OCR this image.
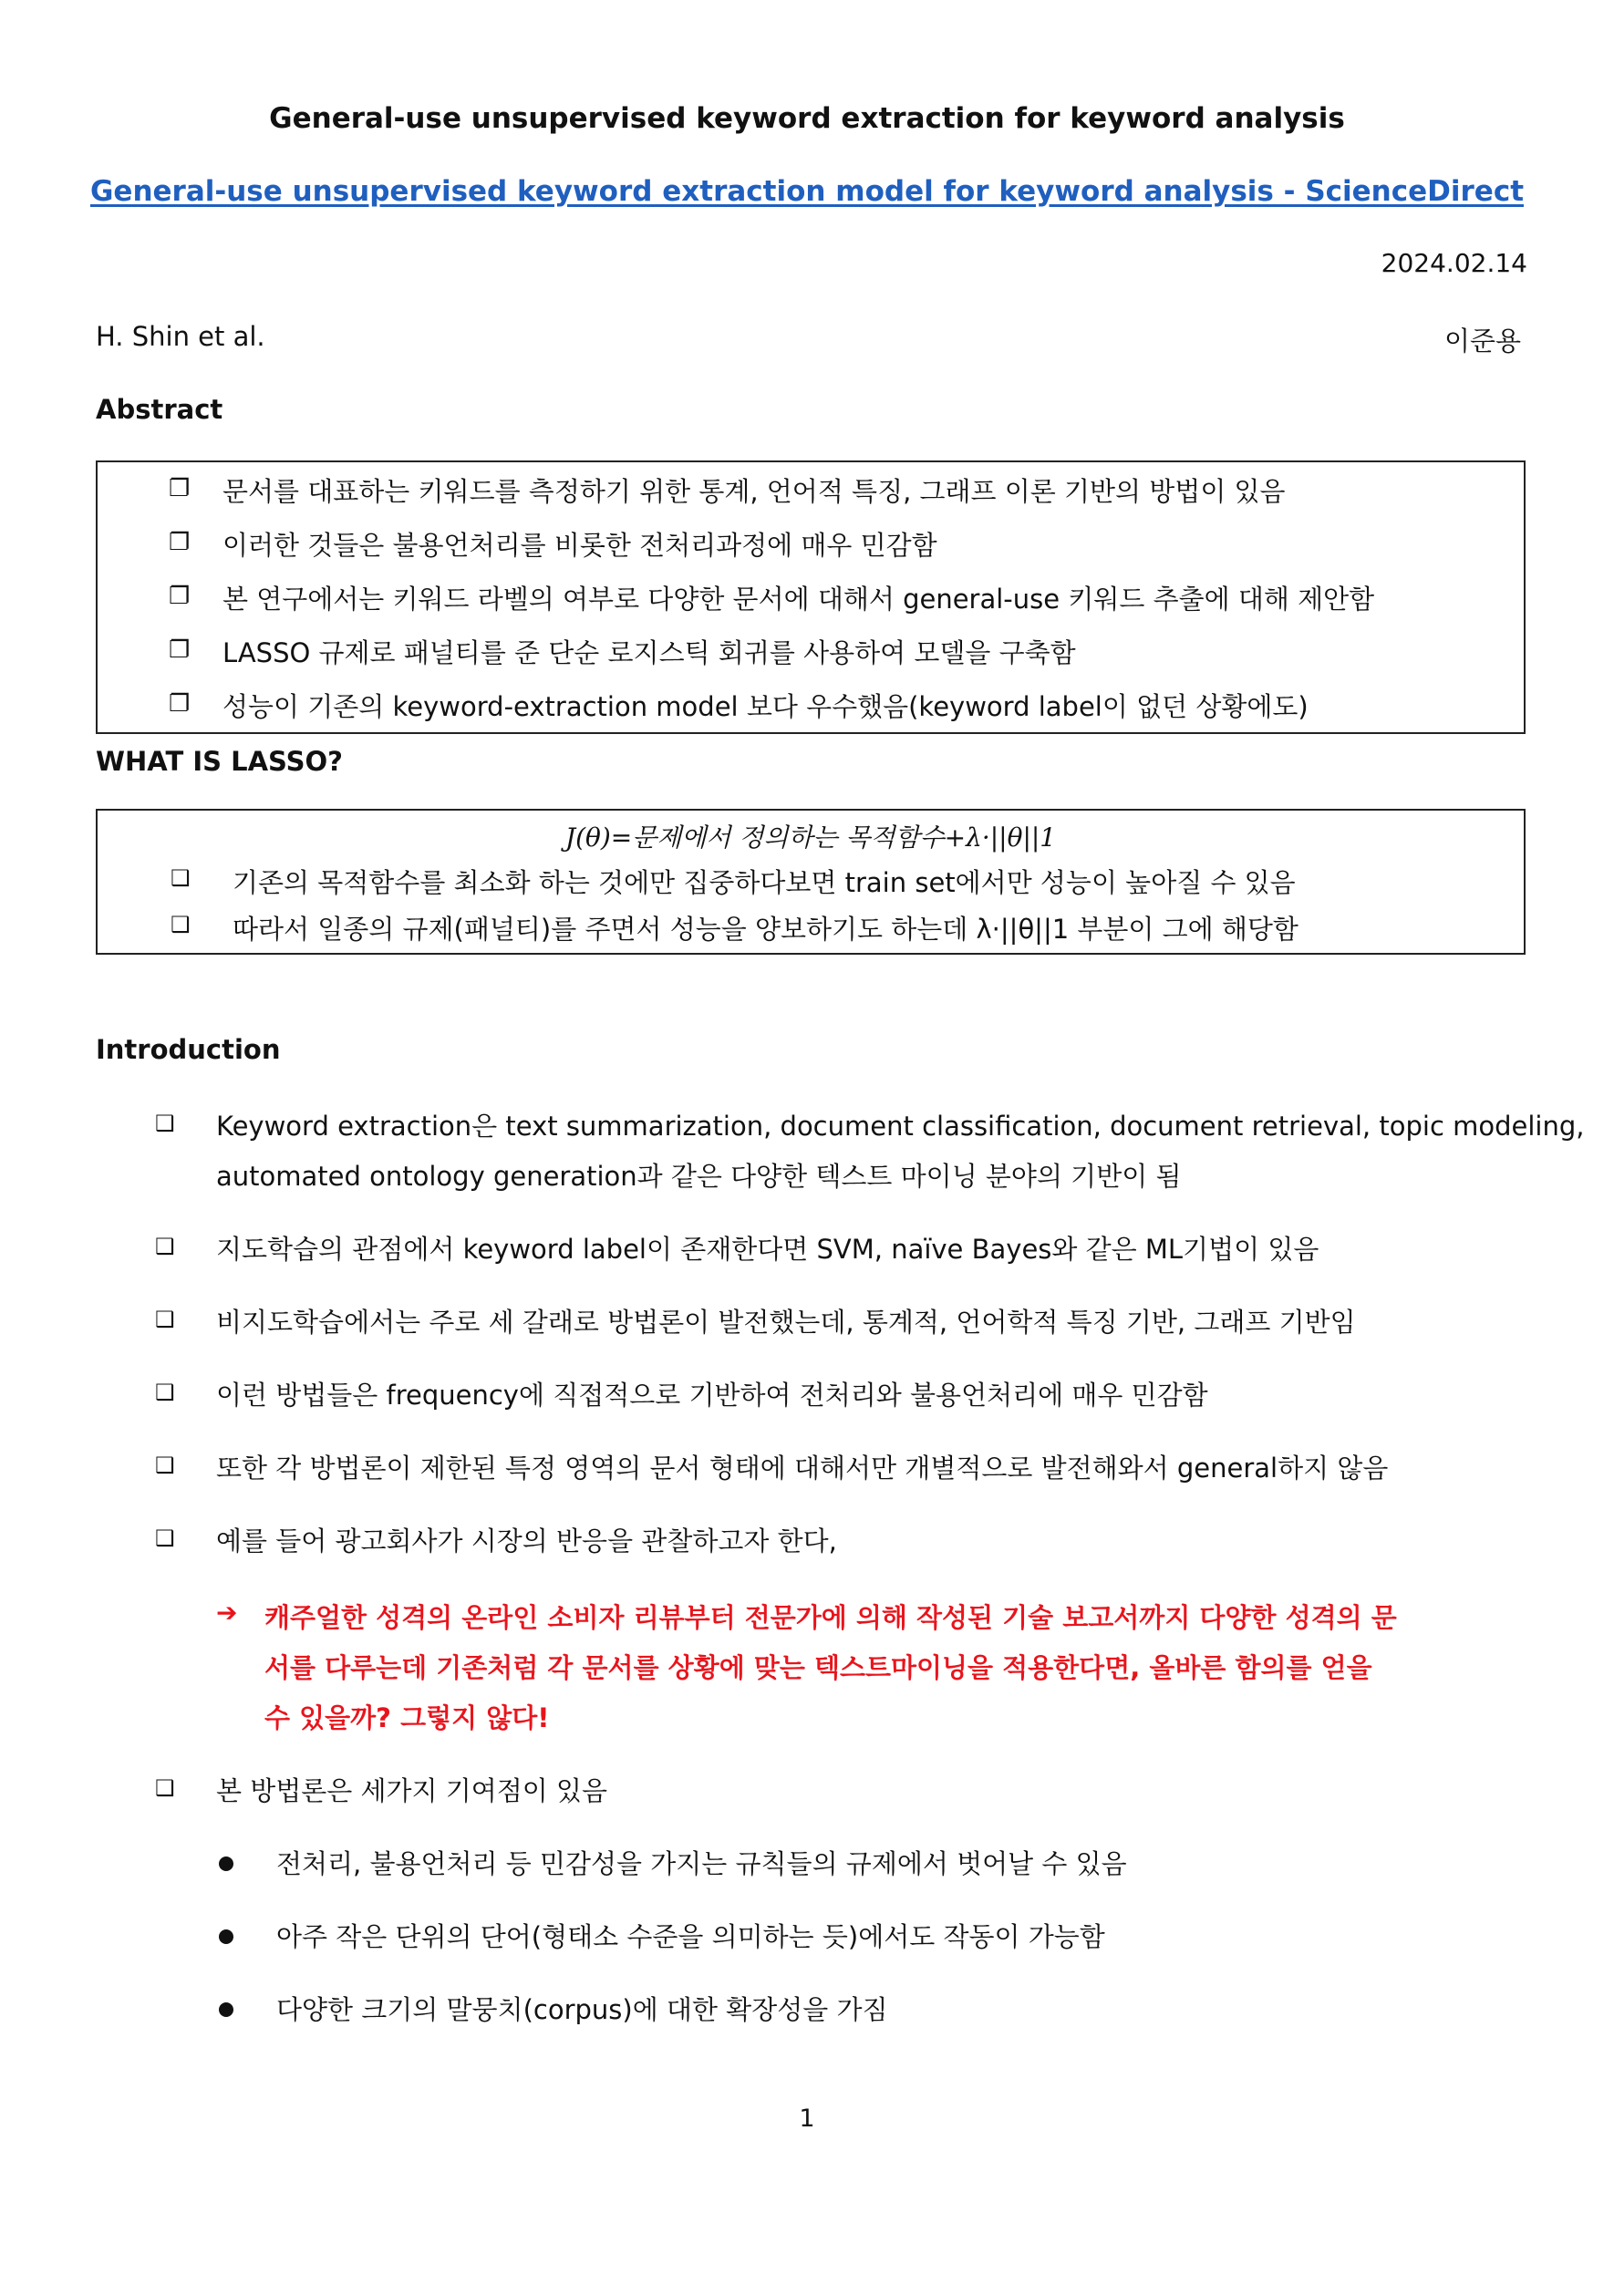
General-use unsupervised keyword extraction for keyword analysis
General-use unsupervised keyword extraction model for keyword analysis - ScienceDirect
2024.02.14
H. Shin et al.	이준용
Abstract
❐ 문서를 대표하는 키워드를 측정하기 위한 통계, 언어적 특징, 그래프 이론 기반의 방법이 있음
❐ 이러한 것들은 불용언처리를 비롯한 전처리과정에 매우 민감함
❐ 본 연구에서는 키워드 라벨의 여부로 다양한 문서에 대해서 general-use 키워드 추출에 대해 제안함
❐ LASSO 규제로 패널티를 준 단순 로지스틱 회귀를 사용하여 모델을 구축함
❐ 성능이 기존의 keyword-extraction model 보다 우수했음(keyword label이 없던 상황에도)
WHAT IS LASSO?
J(θ)=문제에서 정의하는 목적함수+λ·||θ||1
❑ 기존의 목적함수를 최소화 하는 것에만 집중하다보면 train set에서만 성능이 높아질 수 있음
❑ 따라서 일종의 규제(패널티)를 주면서 성능을 양보하기도 하는데 λ·||θ||1 부분이 그에 해당함
Introduction
❑ Keyword extraction은 text summarization, document classification, document retrieval, topic modeling,
automated ontology generation과 같은 다양한 텍스트 마이닝 분야의 기반이 됨
❑ 지도학습의 관점에서 keyword label이 존재한다면 SVM, naïve Bayes와 같은 ML기법이 있음
❑ 비지도학습에서는 주로 세 갈래로 방법론이 발전했는데, 통계적, 언어학적 특징 기반, 그래프 기반임
❑ 이런 방법들은 frequency에 직접적으로 기반하여 전처리와 불용언처리에 매우 민감함
❑ 또한 각 방법론이 제한된 특정 영역의 문서 형태에 대해서만 개별적으로 발전해와서 general하지 않음
❑ 예를 들어 광고회사가 시장의 반응을 관찰하고자 한다,
➔ 캐주얼한 성격의 온라인 소비자 리뷰부터 전문가에 의해 작성된 기술 보고서까지 다양한 성격의 문
서를 다루는데 기존처럼 각 문서를 상황에 맞는 텍스트마이닝을 적용한다면, 올바른 함의를 얻을
수 있을까? 그렇지 않다!
❑ 본 방법론은 세가지 기여점이 있음
전처리, 불용언처리 등 민감성을 가지는 규칙들의 규제에서 벗어날 수 있음
아주 작은 단위의 단어(형태소 수준을 의미하는 듯)에서도 작동이 가능함
다양한 크기의 말뭉치(corpus)에 대한 확장성을 가짐
1
